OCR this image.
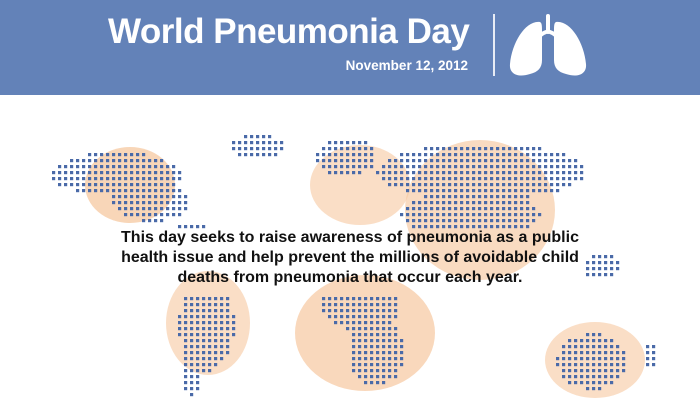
World Pneumonia Day
November 12, 2012
This day seeks to raise awareness of pneumonia as a public health issue and help prevent the millions of avoidable child deaths from pneumonia that occur each year.
